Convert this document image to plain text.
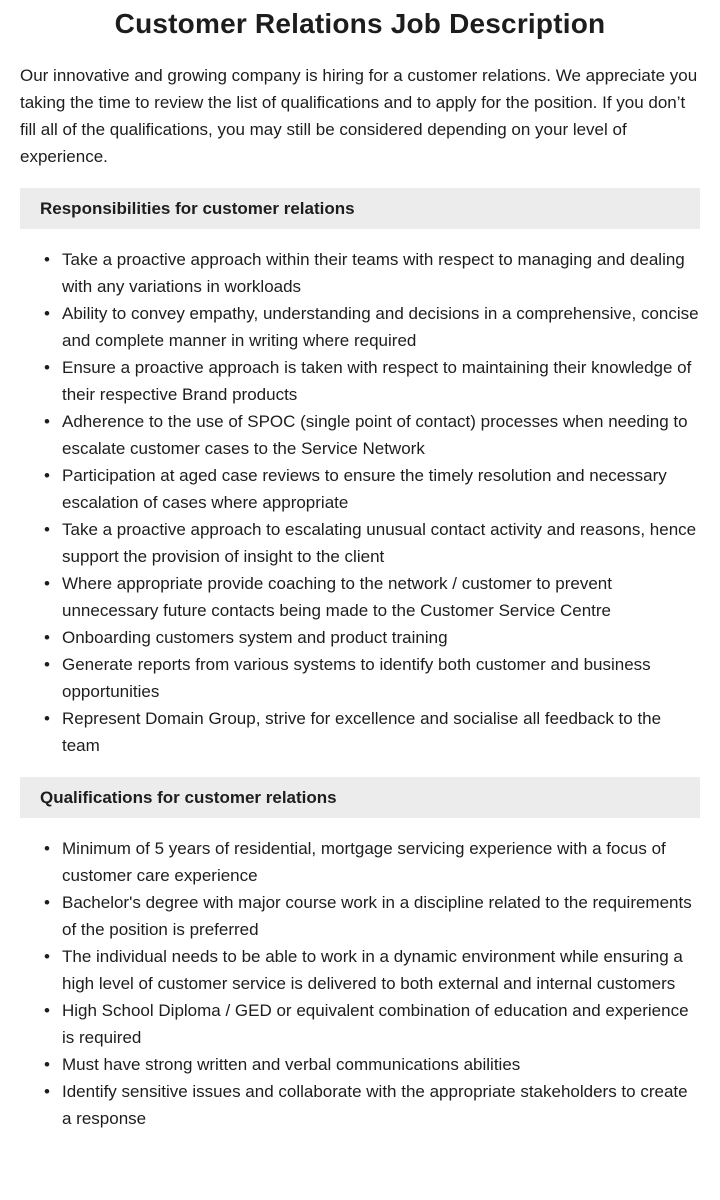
Customer Relations Job Description

Our innovative and growing company is hiring for a customer relations. We appreciate you taking the time to review the list of qualifications and to apply for the position. If you don’t fill all of the qualifications, you may still be considered depending on your level of experience.

Responsibilities for customer relations
• Take a proactive approach within their teams with respect to managing and dealing with any variations in workloads
• Ability to convey empathy, understanding and decisions in a comprehensive, concise and complete manner in writing where required
• Ensure a proactive approach is taken with respect to maintaining their knowledge of their respective Brand products
• Adherence to the use of SPOC (single point of contact) processes when needing to escalate customer cases to the Service Network
• Participation at aged case reviews to ensure the timely resolution and necessary escalation of cases where appropriate
• Take a proactive approach to escalating unusual contact activity and reasons, hence support the provision of insight to the client
• Where appropriate provide coaching to the network / customer to prevent unnecessary future contacts being made to the Customer Service Centre
• Onboarding customers system and product training
• Generate reports from various systems to identify both customer and business opportunities
• Represent Domain Group, strive for excellence and socialise all feedback to the team
Qualifications for customer relations
• Minimum of 5 years of residential, mortgage servicing experience with a focus of customer care experience
• Bachelor's degree with major course work in a discipline related to the requirements of the position is preferred
• The individual needs to be able to work in a dynamic environment while ensuring a high level of customer service is delivered to both external and internal customers
• High School Diploma / GED or equivalent combination of education and experience is required
• Must have strong written and verbal communications abilities
• Identify sensitive issues and collaborate with the appropriate stakeholders to create a response
